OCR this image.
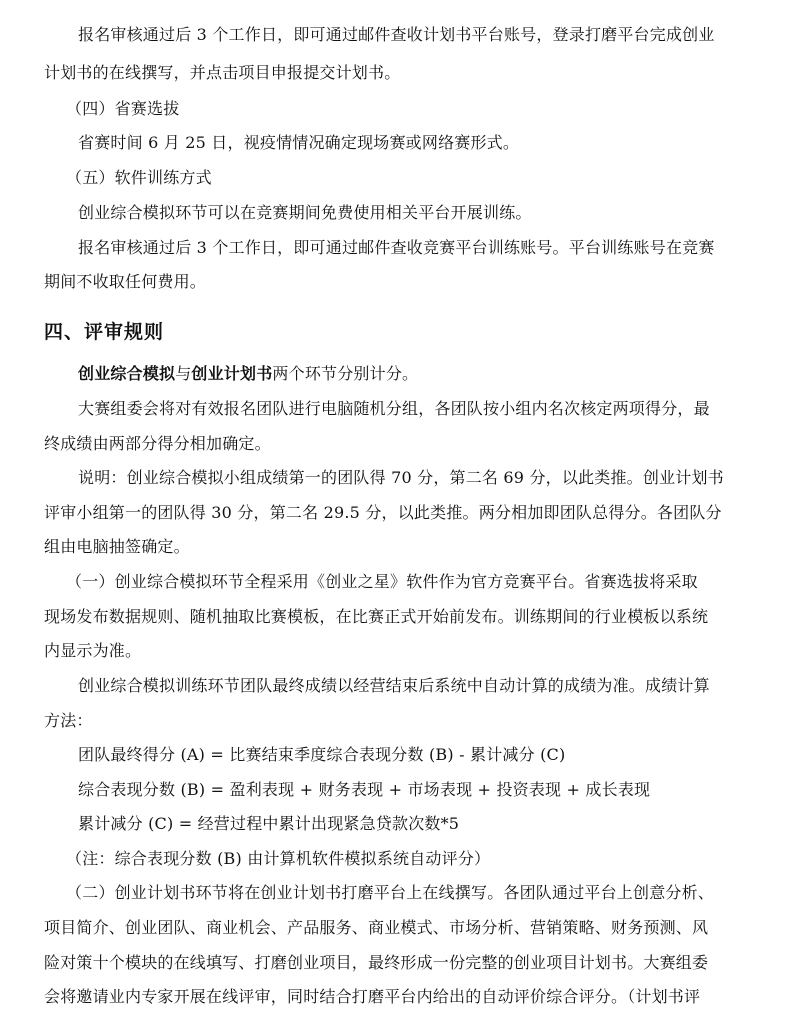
报名审核通过后 3 个工作日，即可通过邮件查收计划书平台账号，登录打磨平台完成创业
计划书的在线撰写，并点击项目申报提交计划书。
（四）省赛选拔
省赛时间 6 月 25 日，视疫情情况确定现场赛或网络赛形式。
（五）软件训练方式
创业综合模拟环节可以在竞赛期间免费使用相关平台开展训练。
报名审核通过后 3 个工作日，即可通过邮件查收竞赛平台训练账号。平台训练账号在竞赛
期间不收取任何费用。
四、评审规则
创业综合模拟与创业计划书两个环节分别计分。
大赛组委会将对有效报名团队进行电脑随机分组，各团队按小组内名次核定两项得分，最
终成绩由两部分得分相加确定。
说明：创业综合模拟小组成绩第一的团队得 70 分，第二名 69 分，以此类推。创业计划书
评审小组第一的团队得 30 分，第二名 29.5 分，以此类推。两分相加即团队总得分。各团队分
组由电脑抽签确定。
（一）创业综合模拟环节全程采用《创业之星》软件作为官方竞赛平台。省赛选拔将采取
现场发布数据规则、随机抽取比赛模板，在比赛正式开始前发布。训练期间的行业模板以系统
内显示为准。
创业综合模拟训练环节团队最终成绩以经营结束后系统中自动计算的成绩为准。成绩计算
方法：
团队最终得分 (A) = 比赛结束季度综合表现分数 (B) - 累计减分 (C)
综合表现分数 (B) = 盈利表现 + 财务表现 + 市场表现 + 投资表现 + 成长表现
累计减分 (C) = 经营过程中累计出现紧急贷款次数*5
（注：综合表现分数 (B) 由计算机软件模拟系统自动评分）
（二）创业计划书环节将在创业计划书打磨平台上在线撰写。各团队通过平台上创意分析、
项目简介、创业团队、商业机会、产品服务、商业模式、市场分析、营销策略、财务预测、风
险对策十个模块的在线填写、打磨创业项目，最终形成一份完整的创业项目计划书。大赛组委
会将邀请业内专家开展在线评审，同时结合打磨平台内给出的自动评价综合评分。（计划书评
